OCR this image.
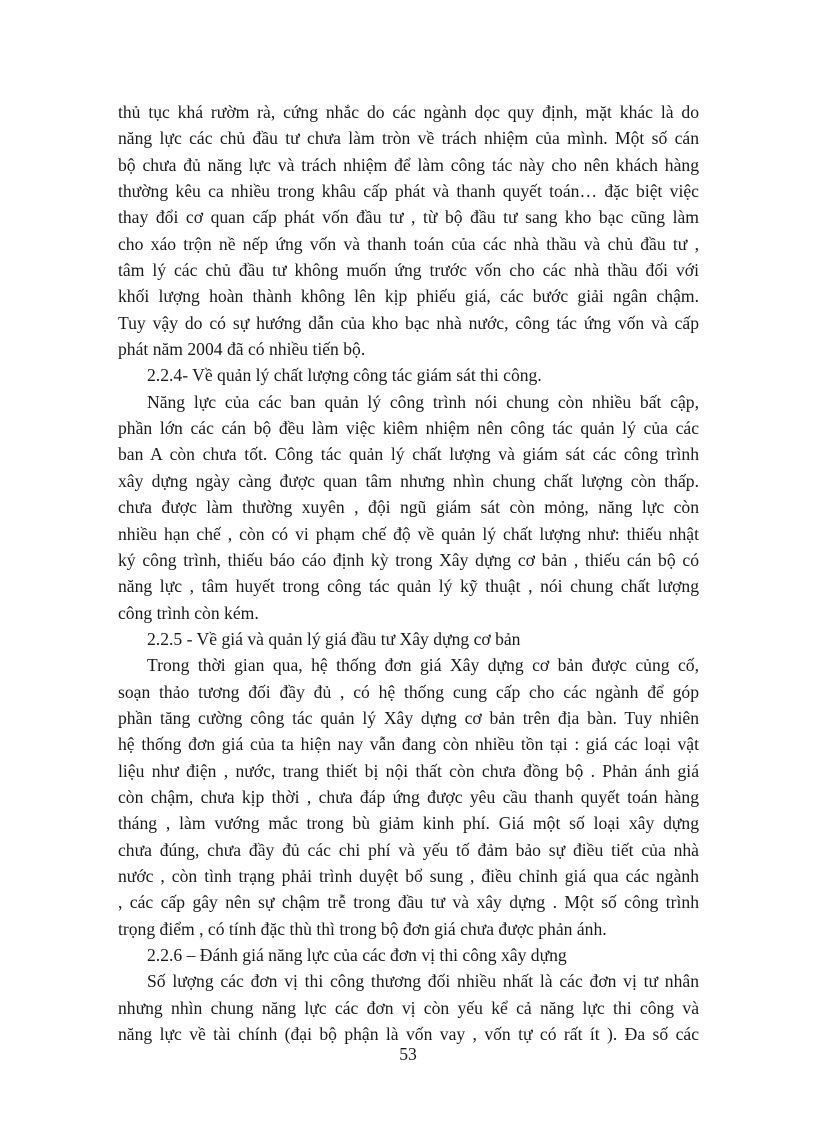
thủ tục khá rườm rà, cứng nhắc do các ngành dọc quy định, mặt khác là do
năng lực các chủ đầu tư chưa làm tròn về trách nhiệm của mình. Một số cán
bộ chưa đủ năng lực và trách nhiệm để làm công tác này cho nên khách hàng
thường kêu ca nhiều trong khâu cấp phát và thanh quyết toán… đặc biệt việc
thay đổi cơ quan cấp phát vốn đầu tư , từ bộ đầu tư sang kho bạc cũng làm
cho xáo trộn nề nếp ứng vốn và thanh toán của các nhà thầu và chủ đầu tư ,
tâm lý các chủ đầu tư không muốn ứng trước vốn cho các nhà thầu đối với
khối lượng hoàn thành không lên kịp phiếu giá, các bước giải ngân chậm.
Tuy vậy do có sự hướng dẫn của kho bạc nhà nước, công tác ứng vốn và cấp
phát năm 2004 đã có nhiều tiến bộ.
2.2.4- Về quản lý chất lượng công tác giám sát thi công.
Năng lực của các ban quản lý công trình nói chung còn nhiều bất cập,
phần lớn các cán bộ đều làm việc kiêm nhiệm nên công tác quản lý của các
ban A còn chưa tốt. Công tác quản lý chất lượng và giám sát các công trình
xây dựng ngày càng được quan tâm nhưng nhìn chung chất lượng còn thấp.
chưa được làm thường xuyên , đội ngũ giám sát còn mỏng, năng lực còn
nhiều hạn chế , còn có vi phạm chế độ về quản lý chất lượng như: thiếu nhật
ký công trình, thiếu báo cáo định kỳ trong Xây dựng cơ bản , thiếu cán bộ có
năng lực , tâm huyết trong công tác quản lý kỹ thuật , nói chung chất lượng
công trình còn kém.
2.2.5 - Về giá và quản lý giá đầu tư Xây dựng cơ bản
Trong thời gian qua, hệ thống đơn giá Xây dựng cơ bản được củng cố,
soạn thảo tương đối đầy đủ , có hệ thống cung cấp cho các ngành để góp
phần tăng cường công tác quản lý Xây dựng cơ bản trên địa bàn. Tuy nhiên
hệ thống đơn giá của ta hiện nay vẫn đang còn nhiều tồn tại : giá các loại vật
liệu như điện , nước, trang thiết bị nội thất còn chưa đồng bộ . Phản ánh giá
còn chậm, chưa kịp thời , chưa đáp ứng được yêu cầu thanh quyết toán hàng
tháng , làm vướng mắc trong bù giảm kinh phí. Giá một số loại xây dựng
chưa đúng, chưa đầy đủ các chi phí và yếu tố đảm bảo sự điều tiết của nhà
nước , còn tình trạng phải trình duyệt bổ sung , điều chỉnh giá qua các ngành
, các cấp gây nên sự chậm trễ trong đầu tư và xây dựng . Một số công trình
trọng điểm , có tính đặc thù thì trong bộ đơn giá chưa được phản ánh.
2.2.6 – Đánh giá năng lực của các đơn vị thi công xây dựng
Số lượng các đơn vị thi công thương đối nhiều nhất là các đơn vị tư nhân
nhưng nhìn chung năng lực các đơn vị còn yếu kể cả năng lực thi công và
năng lực về tài chính (đại bộ phận là vốn vay , vốn tự có rất ít ). Đa số các
53
